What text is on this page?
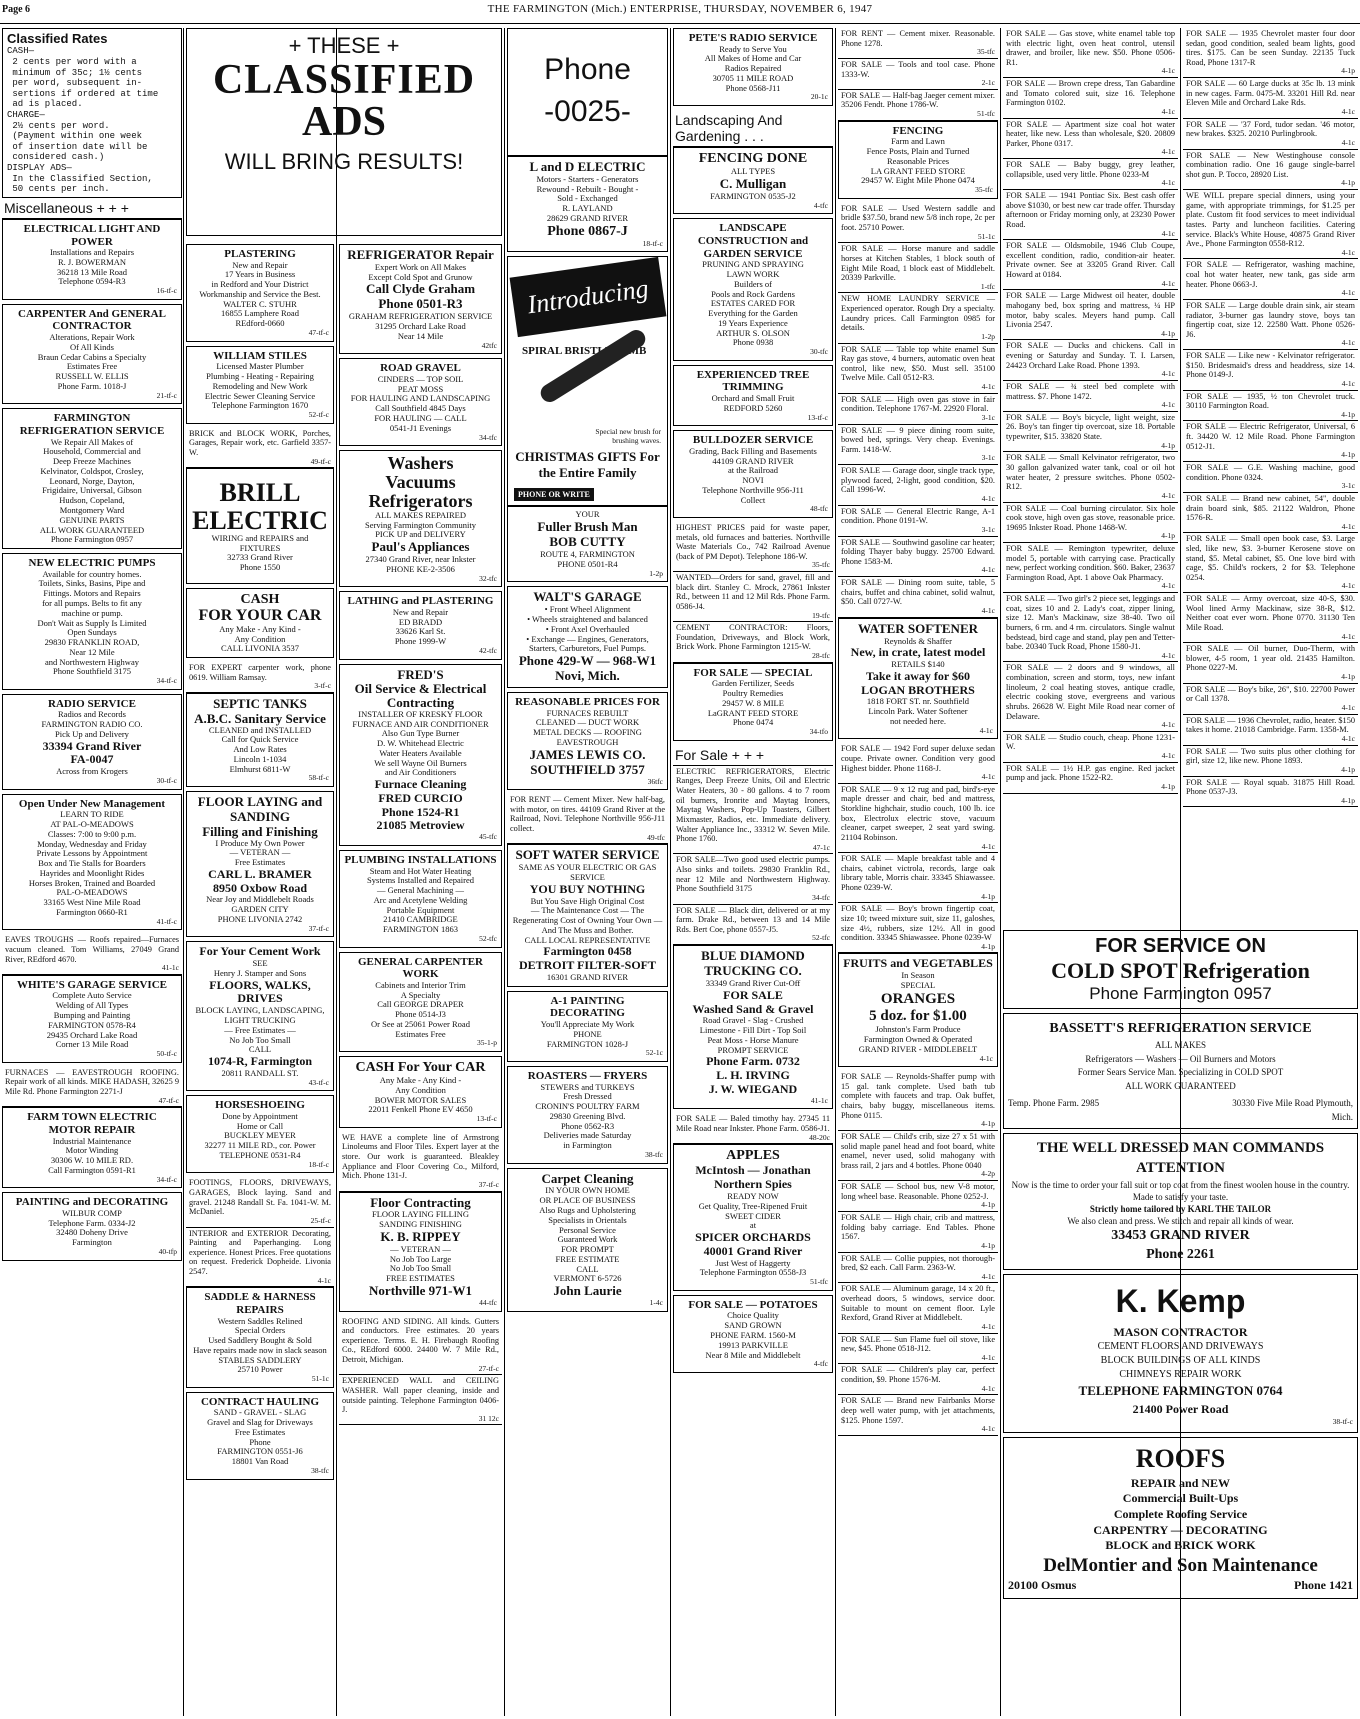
Page 6	THE FARMINGTON (Mich.) ENTERPRISE, THURSDAY, NOVEMBER 6, 1947
Classified Rates
CASH—
2 cents per word with a
minimum of 35c; 1½ cents
per word, subsequent in-
sertions if ordered at time
ad is placed.
CHARGE—
2½ cents per word.
(Payment within one week
of insertion date will be
considered cash.)
DISPLAY ADS—
In the Classified Section,
50 cents per inch.
Miscellaneous + + +
ELECTRICAL LIGHT AND POWER
Installations and Repairs
R. J. BOWERMAN
36218 13 Mile Road
Telephone 0594-R3
16-tf-c
CARPENTER And GENERAL CONTRACTOR
Alterations, Repair Work
Of All Kinds
Braun Cedar Cabins a Specialty
Estimates Free
RUSSELL W. ELLIS
Phone Farm. 1018-J
21-tf-c
FARMINGTON REFRIGERATION SERVICE
We Repair All Makes of
Household, Commercial and
Deep Freeze Machines
Kelvinator, Coldspot, Crosley,
Leonard, Norge, Dayton,
Frigidaire, Universal, Gibson
Hudson, Copeland,
Montgomery Ward
GENUINE PARTS
ALL WORK GUARANTEED
Phone Farmington 0957
NEW ELECTRIC PUMPS
Available for country homes.
Toilets, Sinks, Basins, Pipe and
Fittings. Motors and Repairs
for all pumps. Belts to fit any
machine or pump.
Don't Wait as Supply Is Limited
Open Sundays
29830 FRANKLIN ROAD,
Near 12 Mile
and Northwestern Highway
Phone Southfield 3175
34-tf-c
RADIO SERVICE
Radios and Records
FARMINGTON RADIO CO.
Pick Up and Delivery
33394 Grand River
FA-0047
Across from Krogers
30-tf-c
Open Under New Management
LEARN TO RIDE
AT PAL-O-MEADOWS
Classes: 7:00 to 9:00 p.m.
Monday, Wednesday and Friday
Private Lessons by Appointment
Box and Tie Stalls for Boarders
Hayrides and Moonlight Rides
Horses Broken, Trained and Boarded
PAL-O-MEADOWS
33165 West Nine Mile Road
Farmington 0660-R1
41-tf-c
EAVES TROUGHS — Roofs repaired—Furnaces vacuum cleaned. Tom Williams, 27049 Grand River, REdford 4670.
41-1c
WHITE'S GARAGE SERVICE
Complete Auto Service
Welding of All Types
Bumping and Painting
FARMINGTON 0578-R4
29435 Orchard Lake Road
Corner 13 Mile Road
50-tf-c
FURNACES — EAVESTROUGH ROOFING. Repair work of all kinds. MIKE HADASH, 32625 9 Mile Rd. Phone Farmington 2271-J
47-tf-c
FARM TOWN ELECTRIC MOTOR REPAIR
Industrial Maintenance
Motor Winding
30306 W. 10 MILE RD.
Call Farmington 0591-R1
34-tf-c
PAINTING and DECORATING
WILBUR COMP
Telephone Farm. 0334-J2
32480 Doheny Drive
Farmington
40-tfp
+ THESE +
CLASSIFIED
ADS
WILL BRING RESULTS!
PLASTERING
New and Repair
17 Years in Business
in Redford and Your District
Workmanship and Service the Best.
WALTER C. STUHR
16855 Lamphere Road
REdford-0660
47-tf-c
WILLIAM STILES
Licensed Master Plumber
Plumbing - Heating - Repairing
Remodeling and New Work
Electric Sewer Cleaning Service
Telephone Farmington 1670
52-tf-c
BRICK and BLOCK WORK, Porches, Garages, Repair work, etc. Garfield 3357-W.
49-tf-c
BRILL
ELECTRIC
WIRING and REPAIRS and FIXTURES
32733 Grand River
Phone 1550
CASH
FOR YOUR CAR
Any Make - Any Kind -
Any Condition
CALL LIVONIA 3537
FOR EXPERT carpenter work, phone 0619. William Ramsay.
3-tf-c
SEPTIC TANKS
A.B.C. Sanitary Service
CLEANED and INSTALLED
Call for Quick Service
And Low Rates
Lincoln 1-1034
Elmhurst 6811-W
58-tf-c
FLOOR LAYING and SANDING
Filling and Finishing
I Produce My Own Power
— VETERAN —
Free Estimates
CARL L. BRAMER
8950 Oxbow Road
Near Joy and Middlebelt Roads
GARDEN CITY
PHONE LIVONIA 2742
37-tf-c
For Your Cement Work
SEE
Henry J. Stamper and Sons
FLOORS, WALKS, DRIVES
BLOCK LAYING, LANDSCAPING, LIGHT TRUCKING
— Free Estimates —
No Job Too Small
CALL
1074-R, Farmington
20811 RANDALL ST.
43-tf-c
HORSESHOEING
Done by Appointment
Home or Call
BUCKLEY MEYER
32277 11 MILE RD., cor. Power
TELEPHONE 0531-R4
18-tf-c
FOOTINGS, FLOORS, DRIVEWAYS, GARAGES, Block laying. Sand and gravel. 21248 Randall St. Fa. 1041-W. M. McDaniel.
25-tf-c
INTERIOR and EXTERIOR Decorating, Painting and Paperhanging. Long experience. Honest Prices. Free quotations on request. Frederick Dopheide. Livonia 2547.
4-1c
SADDLE & HARNESS REPAIRS
Western Saddles Relined
Special Orders
Used Saddlery Bought & Sold
Have repairs made now in slack season
STABLES SADDLERY
25710 Power
51-1c
CONTRACT HAULING
SAND - GRAVEL - SLAG
Gravel and Slag for Driveways
Free Estimates
Phone
FARMINGTON 0551-J6
18801 Van Road
38-tfc
REFRIGERATOR Repair
Expert Work on All Makes
Except Cold Spot and Grunow
Call Clyde Graham
Phone 0501-R3
GRAHAM REFRIGERATION SERVICE
31295 Orchard Lake Road
Near 14 Mile
42tfc
ROAD GRAVEL
CINDERS — TOP SOIL
PEAT MOSS
FOR HAULING AND LANDSCAPING
Call Southfield 4845 Days
FOR HAULING — CALL
0541-J1 Evenings
34-tfc
Washers
Vacuums
Refrigerators
ALL MAKES REPAIRED
Serving Farmington Community
PICK UP and DELIVERY
Paul's Appliances
27340 Grand River, near Inkster
PHONE KE-2-3506
32-tfc
LATHING and PLASTERING
New and Repair
ED BRADD
33626 Karl St.
Phone 1999-W
42-tfc
FRED'S
Oil Service & Electrical Contracting
INSTALLER OF KRESKY FLOOR FURNACE AND AIR CONDITIONER
Also Gun Type Burner
D. W. Whitehead Electric
Water Heaters Available
We sell Wayne Oil Burners
and Air Conditioners
Furnace Cleaning
FRED CURCIO
Phone 1524-R1
21085 Metroview
45-tfc
PLUMBING INSTALLATIONS
Steam and Hot Water Heating
Systems Installed and Repaired
— General Machining —
Arc and Acetylene Welding
Portable Equipment
21410 CAMBRIDGE
FARMINGTON 1863
52-tfc
GENERAL CARPENTER WORK
Cabinets and Interior Trim
A Specialty
Call GEORGE DRAPER
Phone 0514-J3
Or See at 25061 Power Road
Estimates Free
35-1-p
CASH For Your CAR
Any Make - Any Kind -
Any Condition
BOWER MOTOR SALES
22011 Fenkell Phone EV 4650
13-tf-c
WE HAVE a complete line of Armstrong Linoleums and Floor Tiles. Expert layer at the store. Our work is guaranteed. Bleakley Appliance and Floor Covering Co., Milford, Mich. Phone 131-J.
37-tf-c
Floor Contracting
FLOOR LAYING FILLING
SANDING FINISHING
K. B. RIPPEY
— VETERAN —
No Job Too Large
No Job Too Small
FREE ESTIMATES
Northville 971-W1
44-tfc
ROOFING AND SIDING. All kinds. Gutters and conductors. Free estimates. 20 years experience. Terms. E. H. Firebaugh Roofing Co., REdford 6000. 24400 W. 7 Mile Rd., Detroit, Michigan.
27-tf-c
EXPERIENCED WALL and CEILING WASHER. Wall paper cleaning, inside and outside painting. Telephone Farmington 0406-J.
31 12c
Phone
-0025-
L and D ELECTRIC
Motors - Starters - Generators
Rewound - Rebuilt - Bought -
Sold - Exchanged
R. LAYLAND
28629 GRAND RIVER
Phone 0867-J
18-tf-c
Introducing
SPIRAL BRISTLECOMB
Special new brush for brushing waves.
CHRISTMAS GIFTS For the Entire Family
PHONE OR WRITE
YOUR
Fuller Brush Man
BOB CUTTY
ROUTE 4, FARMINGTON
PHONE 0501-R4
1-2p
WALT'S GARAGE
• Front Wheel Alignment
• Wheels straightened and balanced
• Front Axel Overhauled
• Exchange — Engines, Generators, Starters, Carburetors, Fuel Pumps.
Phone 429-W — 968-W1
Novi, Mich.
REASONABLE PRICES FOR
FURNACES REBUILT
CLEANED — DUCT WORK
METAL DECKS — ROOFING
EAVESTROUGH
JAMES LEWIS CO.
SOUTHFIELD 3757
36tfc
FOR RENT — Cement Mixer. New half-bag, with motor, on tires. 44109 Grand River at the Railroad, Novi. Telephone Northville 956-J11 collect.
49-tfc
SOFT WATER SERVICE
SAME AS YOUR ELECTRIC OR GAS SERVICE
YOU BUY NOTHING
But You Save High Original Cost
— The Maintenance Cost — The Regenerating Cost of Owning Your Own — And The Muss and Bother.
CALL LOCAL REPRESENTATIVE
Farmington 0458
DETROIT FILTER-SOFT
16301 GRAND RIVER
A-1 PAINTING DECORATING
You'll Appreciate My Work
PHONE
FARMINGTON 1028-J
52-1c
ROASTERS — FRYERS
STEWERS and TURKEYS
Fresh Dressed
CRONIN'S POULTRY FARM
29830 Greening Blvd.
Phone 0562-R3
Deliveries made Saturday
in Farmington
38-tfc
Carpet Cleaning
IN YOUR OWN HOME
OR PLACE OF BUSINESS
Also Rugs and Upholstering
Specialists in Orientals
Personal Service
Guaranteed Work
FOR PROMPT
FREE ESTIMATE
CALL
VERMONT 6-5726
John Laurie
1-4c
PETE'S RADIO SERVICE
Ready to Serve You
All Makes of Home and Car
Radios Repaired
30705 11 MILE ROAD
Phone 0568-J11
20-1c
Landscaping And Gardening . . .
FENCING DONE
ALL TYPES
C. Mulligan
FARMINGTON 0535-J2
4-tfc
LANDSCAPE CONSTRUCTION and GARDEN SERVICE
PRUNING AND SPRAYING
LAWN WORK
Builders of
Pools and Rock Gardens
ESTATES CARED FOR
Everything for the Garden
19 Years Experience
ARTHUR S. OLSON
Phone 0938
30-tfc
EXPERIENCED TREE TRIMMING
Orchard and Small Fruit
REDFORD 5260
13-tf-c
BULLDOZER SERVICE
Grading, Back Filling and Basements
44109 GRAND RIVER
at the Railroad
NOVI
Telephone Northville 956-J11
Collect
48-tfc
HIGHEST PRICES paid for waste paper, metals, old furnaces and batteries. Northville Waste Materials Co., 742 Railroad Avenue (back of PM Depot). Telephone 186-W.
35-tfc
WANTED—Orders for sand, gravel, fill and black dirt. Stanley C. Mrock, 27861 Inkster Rd., between 11 and 12 Mil Rds. Phone Farm. 0586-J4.
19-tfc
CEMENT CONTRACTOR: Floors, Foundation, Driveways, and Block Work, Brick Work. Phone Farmington 1215-W.
28-tfc
FOR SALE — SPECIAL
Garden Fertilizer, Seeds
Poultry Remedies
29457 W. 8 MILE
LaGRANT FEED STORE
Phone 0474
34-tfo
For Sale + + +
ELECTRIC REFRIGERATORS, Electric Ranges, Deep Freeze Units, Oil and Electric Water Heaters, 30 - 80 gallons. 4 to 7 room oil burners, Ironrite and Maytag Ironers, Maytag Washers, Pop-Up Toasters, Gilbert Mixmaster, Radios, etc. Immediate delivery. Walter Appliance Inc., 33312 W. Seven Mile. Phone 1760.
47-1c
FOR SALE—Two good used electric pumps. Also sinks and toilets. 29830 Franklin Rd., near 12 Mile and Northwestern Highway. Phone Southfield 3175
34-tfc
FOR SALE — Black dirt, delivered or at my farm. Drake Rd., between 13 and 14 Mile Rds. Bert Coe, phone 0557-J5.
52-tfc
BLUE DIAMOND TRUCKING CO.
33349 Grand River Cut-Off
FOR SALE
Washed Sand & Gravel
Road Gravel - Slag - Crushed
Limestone - Fill Dirt - Top Soil
Peat Moss - Horse Manure
PROMPT SERVICE
Phone Farm. 0732
L. H. IRVING
J. W. WIEGAND
41-1c
FOR SALE — Baled timothy hay. 27345 11 Mile Road near Inkster. Phone Farm. 0586-J1.
48-20c
APPLES
McIntosh — Jonathan
Northern Spies
READY NOW
Get Quality, Tree-Ripened Fruit
SWEET CIDER
at
SPICER ORCHARDS
40001 Grand River
Just West of Haggerty
Telephone Farmington 0558-J3
51-tfc
FOR SALE — POTATOES
Choice Quality
SAND GROWN
PHONE FARM. 1560-M
19913 PARKVILLE
Near 8 Mile and Middlebelt
4-tfc
FOR RENT — Cement mixer. Reasonable. Phone 1278.
35-tfc
FOR SALE — Tools and tool case. Phone 1333-W.
2-1c
FOR SALE — Half-bag Jaeger cement mixer. 35206 Fendt. Phone 1786-W.
51-tfc
FENCING
Farm and Lawn
Fence Posts, Plain and Turned
Reasonable Prices
LA GRANT FEED STORE
29457 W. Eight Mile Phone 0474
35-tfc
FOR SALE — Used Western saddle and bridle $37.50, brand new 5/8 inch rope, 2c per foot. 25710 Power.
51-1c
FOR SALE — Horse manure and saddle horses at Kitchen Stables, 1 block south of Eight Mile Road, 1 block east of Middlebelt. 20339 Parkville.
1-tfc
NEW HOME LAUNDRY SERVICE —Experienced operator. Rough Dry a specialty. Laundry prices. Call Farmington 0985 for details.
1-2p
FOR SALE — Table top white enamel Sun Ray gas stove, 4 burners, automatic oven heat control, like new, $50. Must sell. 35100 Twelve Mile. Call 0512-R3.
4-1c
FOR SALE — High oven gas stove in fair condition. Telephone 1767-M. 22920 Floral.
3-1c
FOR SALE — 9 piece dining room suite, bowed bed, springs. Very cheap. Evenings. Farm. 1418-W.
3-1c
FOR SALE — Garage door, single track type, plywood faced, 2-light, good condition, $20. Call 1996-W.
4-1c
FOR SALE — General Electric Range, A-1 condition. Phone 0191-W.
3-1c
FOR SALE — Southwind gasoline car heater; folding Thayer baby buggy. 25700 Edward. Phone 1583-M.
4-1c
FOR SALE — Dining room suite, table, 5 chairs, buffet and china cabinet, solid walnut, $50. Call 0727-W.
4-1c
WATER SOFTENER
Reynolds & Shaffer
New, in crate, latest model
RETAILS $140
Take it away for $60
LOGAN BROTHERS
1818 FORT ST. nr. Southfield
Lincoln Park. Water Softener
not needed here.
4-1c
FOR SALE — 1942 Ford super deluxe sedan coupe. Private owner. Condition very good Highest bidder. Phone 1168-J.
4-1c
FOR SALE — 9 x 12 rug and pad, bird's-eye maple dresser and chair, bed and mattress, Storkline highchair, studio couch, 100 lb. ice box, Electrolux electric stove, vacuum cleaner, carpet sweeper, 2 seat yard swing. 21104 Robinson.
4-1c
FOR SALE — Maple breakfast table and 4 chairs, cabinet victrola, records, large oak library table, Morris chair. 33345 Shiawassee. Phone 0239-W.
4-1p
FOR SALE — Boy's brown fingertip coat, size 10; tweed mixture suit, size 11, galoshes, size 4½, rubbers, size 12½. All in good condition. 33345 Shiawassee. Phone 0239-W
4-1p
FRUITS and VEGETABLES
In Season
SPECIAL
ORANGES
5 doz. for $1.00
Johnston's Farm Produce
Farmington Owned & Operated
GRAND RIVER - MIDDLEBELT
4-1c
FOR SALE — Reynolds-Shaffer pump with 15 gal. tank complete. Used bath tub complete with faucets and trap. Oak buffet, chairs, baby buggy, miscellaneous items. Phone 0115.
4-1p
FOR SALE — Child's crib, size 27 x 51 with solid maple panel head and foot board, white enamel, never used, solid mahogany with brass rail, 2 jars and 4 bottles. Phone 0040
4-2p
FOR SALE — School bus, new V-8 motor, long wheel base. Reasonable. Phone 0252-J.
4-1p
FOR SALE — High chair, crib and mattress, folding baby carriage. End Tables. Phone 1567.
4-1p
FOR SALE — Collie puppies, not thorough-bred, $2 each. Call Farm. 2363-W.
4-1c
FOR SALE — Aluminum garage, 14 x 20 ft., overhead doors, 5 windows, service door. Suitable to mount on cement floor. Lyle Rexford, Grand River at Middlebelt.
4-1c
FOR SALE — Sun Flame fuel oil stove, like new, $45. Phone 0518-J12.
4-1c
FOR SALE — Children's play car, perfect condition, $9. Phone 1576-M.
4-1c
FOR SALE — Brand new Fairbanks Morse deep well water pump, with jet attachments, $125. Phone 1597.
4-1c
FOR SALE — Gas stove, white enamel table top with electric light, oven heat control, utensil drawer, and broiler, like new. $50. Phone 0506-R1.
4-1c
FOR SALE — Brown crepe dress, Tan Gabardine and Tomato colored suit, size 16. Telephone Farmington 0102.
4-1c
FOR SALE — Apartment size coal hot water heater, like new. Less than wholesale, $20. 20809 Parker, Phone 0317.
4-1c
FOR SALE — Baby buggy, grey leather, collapsible, used very little. Phone 0233-M
4-1c
FOR SALE — 1941 Pontiac Six. Best cash offer above $1030, or best new car trade offer. Thursday afternoon or Friday morning only, at 23230 Power Road.
4-1c
FOR SALE — Oldsmobile, 1946 Club Coupe, excellent condition, radio, condition-air heater. Private owner. See at 33205 Grand River. Call Howard at 0184.
4-1c
FOR SALE — Large Midwest oil heater, double mahogany bed, box spring and mattress, ¼ HP motor, baby scales. Meyers hand pump. Call Livonia 2547.
4-1p
FOR SALE — Ducks and chickens. Call in evening or Saturday and Sunday. T. I. Larsen, 24423 Orchard Lake Road. Phone 1393.
4-1c
FOR SALE — ¾ steel bed complete with mattress. $7. Phone 1472.
4-1c
FOR SALE — Boy's bicycle, light weight, size 26. Boy's tan finger tip overcoat, size 18. Portable typewriter, $15. 33820 State.
4-1p
FOR SALE — Small Kelvinator refrigerator, two 30 gallon galvanized water tank, coal or oil hot water heater, 2 pressure switches. Phone 0502-R12.
4-1c
FOR SALE — Coal burning circulator. Six hole cook stove, high oven gas stove, reasonable price. 19695 Inkster Road. Phone 1468-W.
4-1p
FOR SALE — Remington typewriter, deluxe model 5, portable with carrying case. Practically new, perfect working condition. $60. Baker, 23637 Farmington Road, Apt. 1 above Oak Pharmacy.
4-1c
FOR SALE — Two girl's 2 piece set, leggings and coat, sizes 10 and 2. Lady's coat, zipper lining, size 12. Man's Mackinaw, size 38-40. Two oil burners, 6 rm. and 4 rm. circulators. Single walnut bedstead, bird cage and stand, play pen and Tetter-babe. 20340 Tuck Road, Phone 1580-J1.
4-1c
FOR SALE — 2 doors and 9 windows, all combination, screen and storm, toys, new infant linoleum, 2 coal heating stoves, antique cradle, electric cooking stove, evergreens and various shrubs. 26628 W. Eight Mile Road near corner of Delaware.
4-1c
FOR SALE — Studio couch, cheap. Phone 1231-W.
4-1c
FOR SALE — 1½ H.P. gas engine. Red jacket pump and jack. Phone 1522-R2.
4-1p
FOR SALE — 1935 Chevrolet master four door sedan, good condition, sealed beam lights, good tires. $175. Can be seen Sunday. 22135 Tuck Road, Phone 1317-R
4-1p
FOR SALE — 60 Large ducks at 35c lb. 13 mink in new cages. Farm. 0475-M. 33201 Hill Rd. near Eleven Mile and Orchard Lake Rds.
4-1c
FOR SALE — '37 Ford, tudor sedan. '46 motor, new brakes. $325. 20210 Purlingbrook.
4-1c
FOR SALE — New Westinghouse console combination radio. One 16 gauge single-barrel shot gun. P. Tocco, 28920 List.
4-1p
WE WILL prepare special dinners, using your game, with appropriate trimmings, for $1.25 per plate. Custom fit food services to meet individual tastes. Party and luncheon facilities. Catering service. Black's White House, 40875 Grand River Ave., Phone Farmington 0558-R12.
4-1c
FOR SALE — Refrigerator, washing machine, coal hot water heater, new tank, gas side arm heater. Phone 0663-J.
4-1c
FOR SALE — Large double drain sink, air steam radiator, 3-burner gas laundry stove, boys tan fingertip coat, size 12. 22580 Watt. Phone 0526-J6.
4-1c
FOR SALE — Like new - Kelvinator refrigerator. $150. Bridesmaid's dress and headdress, size 14. Phone 0149-J.
4-1c
FOR SALE — 1935, ½ ton Chevrolet truck. 30110 Farmington Road.
4-1p
FOR SALE — Electric Refrigerator, Universal, 6 ft. 34420 W. 12 Mile Road. Phone Farmington 0512-J1.
4-1p
FOR SALE — G.E. Washing machine, good condition. Phone 0324.
3-1c
FOR SALE — Brand new cabinet, 54", double drain board sink, $85. 21122 Waldron, Phone 1576-R.
4-1c
FOR SALE — Small open book case, $3. Large sled, like new, $3. 3-burner Kerosene stove on stand, $5. Metal cabinet, $5. One love bird with cage, $5. Child's rockers, 2 for $3. Telephone 0254.
4-1c
FOR SALE — Army overcoat, size 40-S, $30. Wool lined Army Mackinaw, size 38-R, $12. Neither coat ever worn. Phone 0770. 31130 Ten Mile Road.
4-1c
FOR SALE — Oil burner, Duo-Therm, with blower, 4-5 room, 1 year old. 21435 Hamilton. Phone 0227-M.
4-1p
FOR SALE — Boy's bike, 26", $10. 22700 Power or Call 1378.
4-1c
FOR SALE — 1936 Chevrolet, radio, heater. $150 takes it home. 21018 Cambridge. Farm. 1358-M.
4-1c
FOR SALE — Two suits plus other clothing for girl, size 12, like new. Phone 1893.
4-1p
FOR SALE — Royal squab. 31875 Hill Road. Phone 0537-J3.
4-1p
FOR SERVICE ON
COLD SPOT Refrigeration
Phone Farmington 0957
BASSETT'S REFRIGERATION SERVICE
ALL MAKES
Refrigerators — Washers — Oil Burners and Motors
Former Sears Service Man. Specializing in COLD SPOT
ALL WORK GUARANTEED
Temp. Phone Farm. 2985	30330 Five Mile Road Plymouth, Mich.
THE WELL DRESSED MAN COMMANDS ATTENTION
Now is the time to order your fall suit or top coat from the finest woolen house in the country. Made to satisfy your taste.
Strictly home tailored by KARL THE TAILOR
We also clean and press. We stitch and repair all kinds of wear.
33453 GRAND RIVER
Phone 2261
K. Kemp
MASON CONTRACTOR
CEMENT FLOORS AND DRIVEWAYS
BLOCK BUILDINGS OF ALL KINDS
CHIMNEYS REPAIR WORK
TELEPHONE FARMINGTON 0764
21400 Power Road
38-tf-c
ROOFS
REPAIR and NEW
Commercial Built-Ups
Complete Roofing Service
CARPENTRY — DECORATING
BLOCK and BRICK WORK
DelMontier and Son Maintenance
20100 Osmus	Phone 1421
